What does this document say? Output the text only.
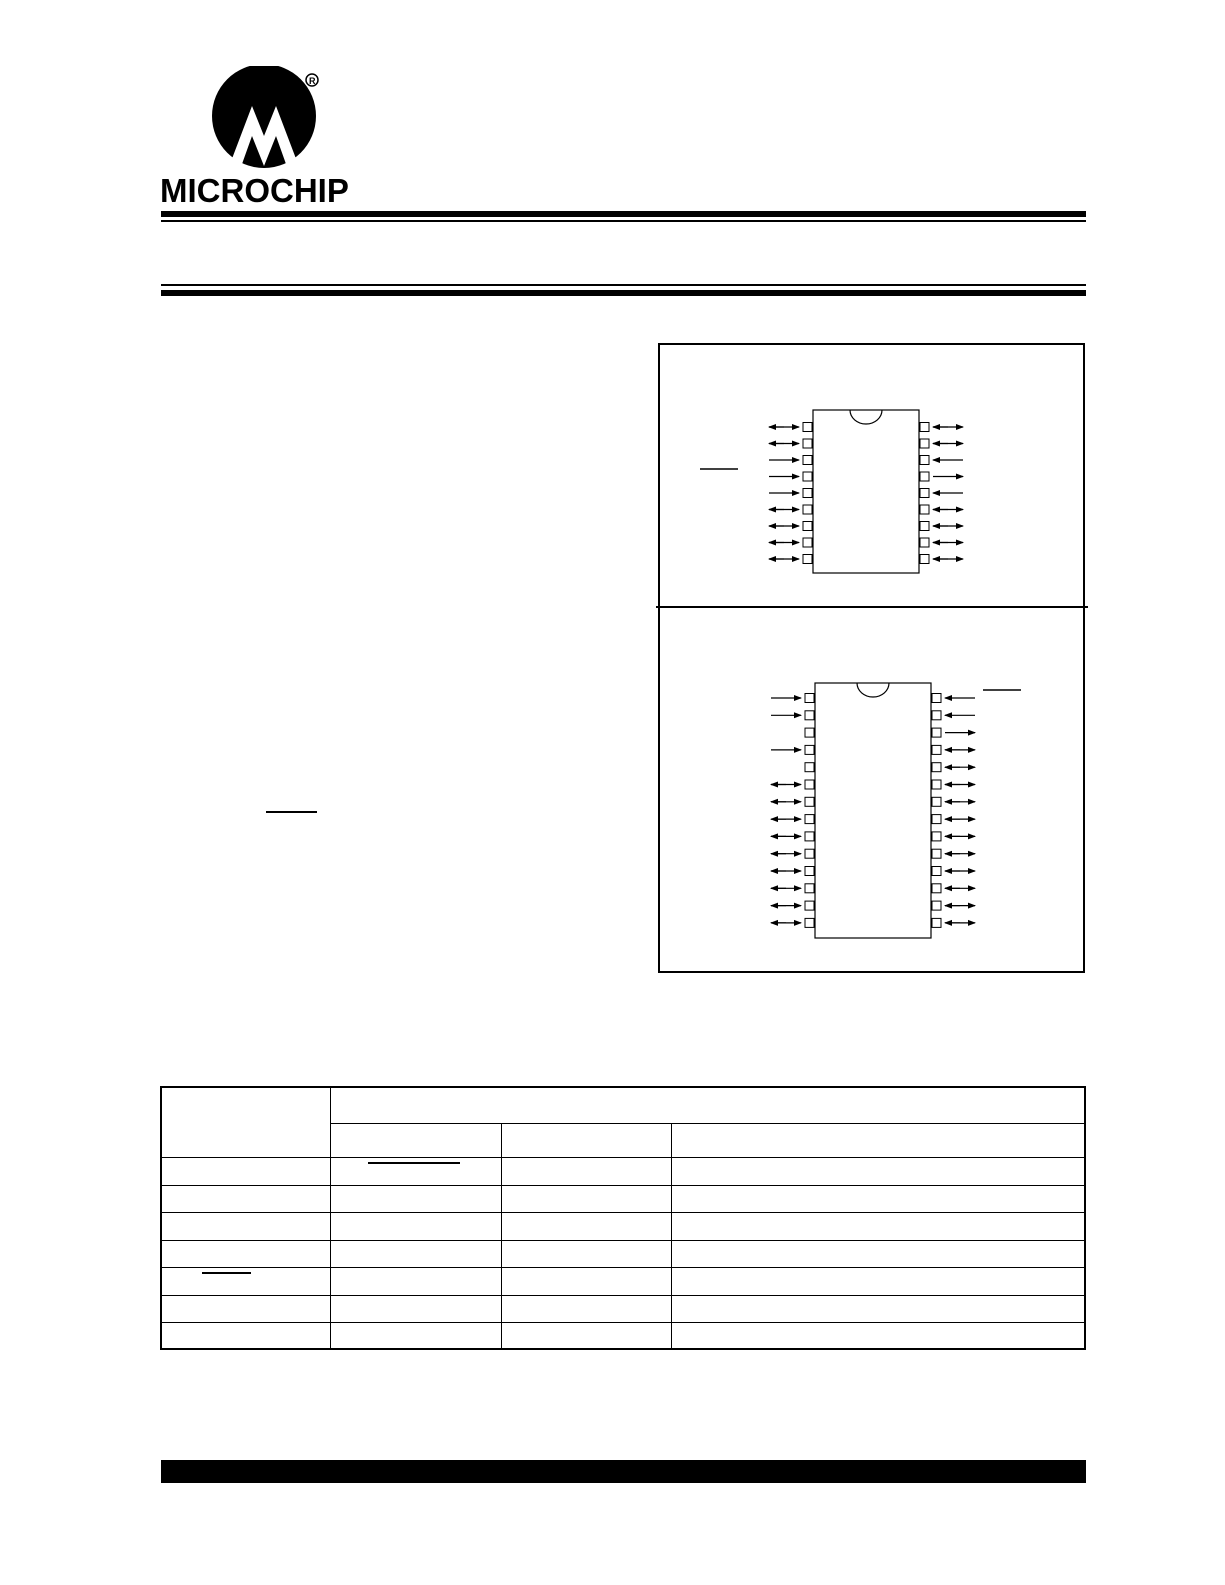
R
MICROCHIP
